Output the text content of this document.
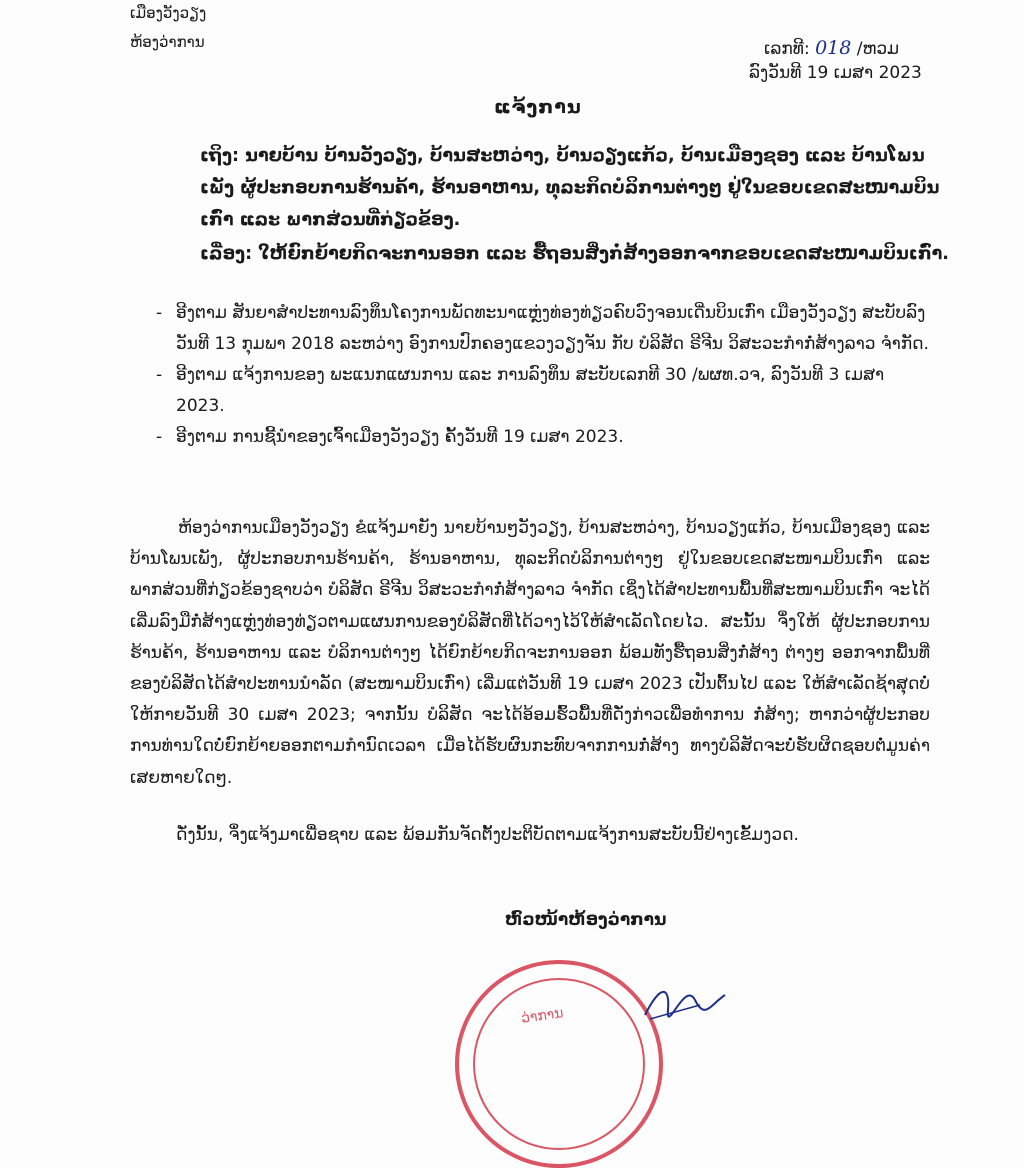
ເມືອງວັງວຽງ
ຫ້ອງວ່າການ	ເລກທີ: 018 /ຫວມ
ລົງວັນທີ 19 ເມສາ 2023
ແຈ້ງການ
ເຖິງ: ນາຍບ້ານ ບ້ານວັງວຽງ, ບ້ານສະຫວ່າງ, ບ້ານວຽງແກ້ວ, ບ້ານເມືອງຊອງ ແລະ ບ້ານໂພນເພັງ ຜູ້ປະກອບການຮ້ານຄ້າ, ຮ້ານອາຫານ, ທຸລະກິດບໍລິການຕ່າງໆ ຢູ່ໃນຂອບເຂດສະໜາມບິນເກົ່າ ແລະ ພາກສ່ວນທີ່ກ່ຽວຂ້ອງ.
ເລື່ອງ: ໃຫ້ຍົກຍ້າຍກິດຈະການອອກ ແລະ ຮື້ຖອນສິ່ງກໍ່ສ້າງອອກຈາກຂອບເຂດສະໜາມບິນເກົ່າ.
- ອີງຕາມ ສັນຍາສໍາປະທານລົງທຶນໂຄງການພັດທະນາແຫຼ່ງທ່ອງທ່ຽວຄົບວົງຈອນເດີ່ນບິນເກົ່າ ເມືອງວັງວຽງ ສະບັບລົງວັນທີ 13 ກຸມພາ 2018 ລະຫວ່າງ ອົງການປົກຄອງແຂວງວຽງຈັນ ກັບ ບໍລິສັດ ຣີຈີນ ວິສະວະກໍາກໍ່ສ້າງລາວ ຈໍາກັດ.
- ອີງຕາມ ແຈ້ງການຂອງ ພະແນກແຜນການ ແລະ ການລົງທຶນ ສະບັບເລກທີ 30 /ພຜທ.ວຈ, ລົງວັນທີ 3 ເມສາ 2023.
- ອີງຕາມ ການຊີ້ນໍາຂອງເຈົ້າເມືອງວັງວຽງ ຄັ້ງວັນທີ 19 ເມສາ 2023.

ຫ້ອງວ່າການເມືອງວັງວຽງ ຂໍແຈ້ງມາຍັງ ນາຍບ້ານໆວັງວຽງ, ບ້ານສະຫວ່າງ, ບ້ານວຽງແກ້ວ, ບ້ານເມືອງຊອງ ແລະ ບ້ານໂພນເພັງ, ຜູ້ປະກອບການຮ້ານຄ້າ, ຮ້ານອາຫານ, ທຸລະກິດບໍລິການຕ່າງໆ ຢູ່ໃນຂອບເຂດສະໜາມບິນເກົ່າ ແລະ ພາກສ່ວນທີ່ກ່ຽວຂ້ອງຊາບວ່າ ບໍລິສັດ ຣີຈີນ ວິສະວະກໍາກໍ່ສ້າງລາວ ຈໍາກັດ ເຊິ່ງໄດ້ສໍາປະທານພື້ນທີ່ສະໜາມບິນເກົ່າ ຈະໄດ້ເລີ່ມລົງມືກໍ່ສ້າງແຫຼ່ງທ່ອງທ່ຽວຕາມແຜນການຂອງບໍລິສັດທີ່ໄດ້ວາງໄວ້ໃຫ້ສໍາເລັດໂດຍໄວ. ສະນັ້ນ ຈຶ່ງໃຫ້ ຜູ້ປະກອບການຮ້ານຄ້າ, ຮ້ານອາຫານ ແລະ ບໍລິການຕ່າງໆ ໄດ້ຍົກຍ້າຍກິດຈະການອອກ ພ້ອມທັງຮື້ຖອນສິ່ງກໍ່ສ້າງ ຕ່າງໆ ອອກຈາກພື້ນທີ່ຂອງບໍລິສັດໄດ້ສໍາປະທານນໍາລັດ (ສະໜາມບິນເກົ່າ) ເລີ່ມແຕ່ວັນທີ 19 ເມສາ 2023 ເປັນຕົ້ນໄປ ແລະ ໃຫ້ສໍາເລັດຊ້າສຸດບໍ່ໃຫ້ກາຍວັນທີ 30 ເມສາ 2023; ຈາກນັ້ນ ບໍລິສັດ ຈະໄດ້ອ້ອມຮົ້ວພື້ນທີ່ດັ່ງກ່າວເພື່ອທໍາການ ກໍ່ສ້າງ; ຫາກວ່າຜູ້ປະກອບການທ່ານໃດບໍ່ຍົກຍ້າຍອອກຕາມກໍານົດເວລາ ເມື່ອໄດ້ຮັບຜົນກະທົບຈາກການກໍ່ສ້າງ ທາງບໍລິສັດຈະບໍ່ຮັບຜິດຊອບຕໍ່ມູນຄ່າເສຍຫາຍໃດໆ.

ດັ່ງນັ້ນ, ຈຶ່ງແຈ້ງມາເພື່ອຊາບ ແລະ ພ້ອມກັນຈັດຕັ້ງປະຕິບັດຕາມແຈ້ງການສະບັບນີ້ຢ່າງເຂັ້ມງວດ.

ຫົວໜ້າຫ້ອງວ່າການ
ວ່າການ
